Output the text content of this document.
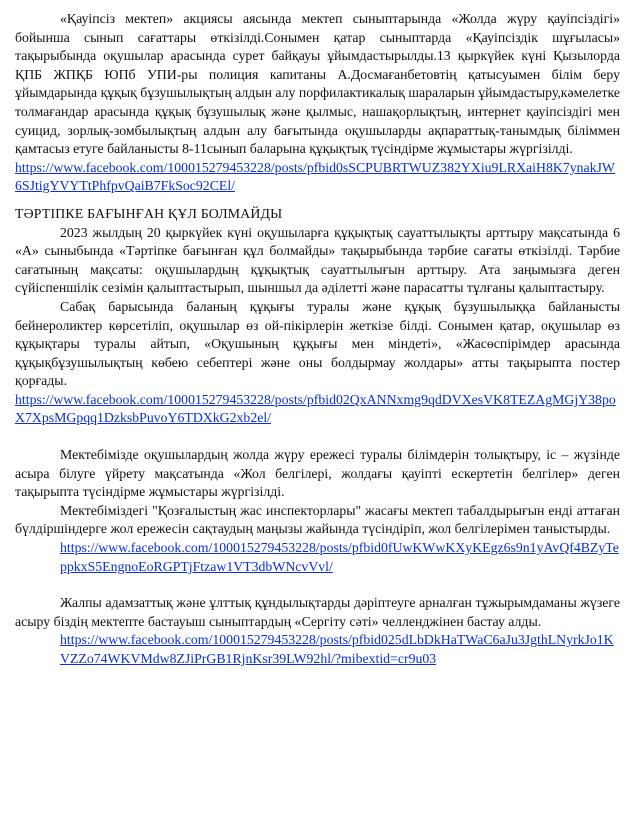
«Қауіпсіз мектеп» акциясы аясында мектеп сыныптарында «Жолда жүру қауіпсіздігі» бойынша сынып сағаттары өткізілді.Сонымен қатар сыныптарда «Қауіпсіздік шұғыласы» тақырыбында оқушылар арасында сурет байқауы ұйымдастырылды.13 қыркүйек күні Қызылорда ҚПБ ЖПҚБ ЮПб УПИ-ры полиция капитаны А.Досмағанбетовтің қатысуымен білім беру ұйымдарында құқық бұзушылықтың алдын алу порфилактикалық шараларын ұйымдастыру,кәмелетке толмағандар арасында құқық бұзушылық және қылмыс, нашақорлықтың, интернет қауіпсіздігі мен суицид, зорлық-зомбылықтың алдын алу бағытында оқушыларды ақпараттық-танымдық біліммен қамтасыз етуге байланысты 8-11сынып баларына құқықтық түсіндірме жұмыстары жүргізілді.

https://www.facebook.com/100015279453228/posts/pfbid0sSCPUBRTWUZ382YXiu9LRXaiH8K7ynakJW6SJtigYVYTtPhfpvQaiB7FkSoc92CEl/
ТӘРТІПКЕ БАҒЫНҒАН ҚҰЛ БОЛМАЙДЫ

2023 жылдың 20 қыркүйек күні оқушыларға құқықтық сауаттылықты арттыру мақсатында 6 «А» сыныбында «Тәртіпке бағынған құл болмайды» тақырыбында тәрбие сағаты өткізілді. Тәрбие сағатының мақсаты: оқушылардың құқықтық сауаттылығын арттыру. Ата заңымызға деген сүйіспеншілік сезімін қалыптастырып, шыншыл да әділетті және парасатты тұлғаны қалыптастыру.

Сабақ барысында баланың құқығы туралы және құқық бұзушылыққа байланысты бейнероликтер көрсетіліп, оқушылар өз ой-пікірлерін жеткізе білді. Сонымен қатар, оқушылар өз құқықтары туралы айтып, «Оқушының құқығы мен міндеті», «Жасөспірімдер арасында құқықбұзушылықтың көбею себептері және оны болдырмау жолдары» атты тақырыпта постер қорғады.

https://www.facebook.com/100015279453228/posts/pfbid02QxANNxmg9qdDVXesVK8TEZAgMGjY38poX7XpsMGpqq1DzksbPuvoY6TDXkG2xb2el/

Мектебімізде оқушылардың жолда жүру ережесі туралы білімдерін толықтыру, іс – жүзінде асыра білуге үйрету мақсатында «Жол белгілері, жолдағы қауіпті ескертетін белгілер» деген тақырыпта түсіндірме жұмыстары жүргізілді.

Мектебіміздегі "Қозғалыстың жас инспекторлары" жасағы мектеп табалдырығын енді аттаған бүлдіршіндерге жол ережесін сақтаудың маңызы жайында түсіндіріп, жол белгілерімен таныстырды.

https://www.facebook.com/100015279453228/posts/pfbid0fUwKWwKXyKEgz6s9n1yAvQf4BZyTeppkxS5EngnoEoRGPTjFtzaw1VT3dbWNcvVvl/

Жалпы адамзаттық және ұлттық құндылықтарды дәріптеуге арналған тұжырымдаманы жүзеге асыру біздің мектепте бастауыш сыныптардың «Сергіту сәті» челленджінен бастау алды.

https://www.facebook.com/100015279453228/posts/pfbid025dLbDkHaTWaC6aJu3JgthLNyrkJo1KVZZo74WKVMdw8ZJiPrGB1RjnKsr39LW92hl/?mibextid=cr9u03
